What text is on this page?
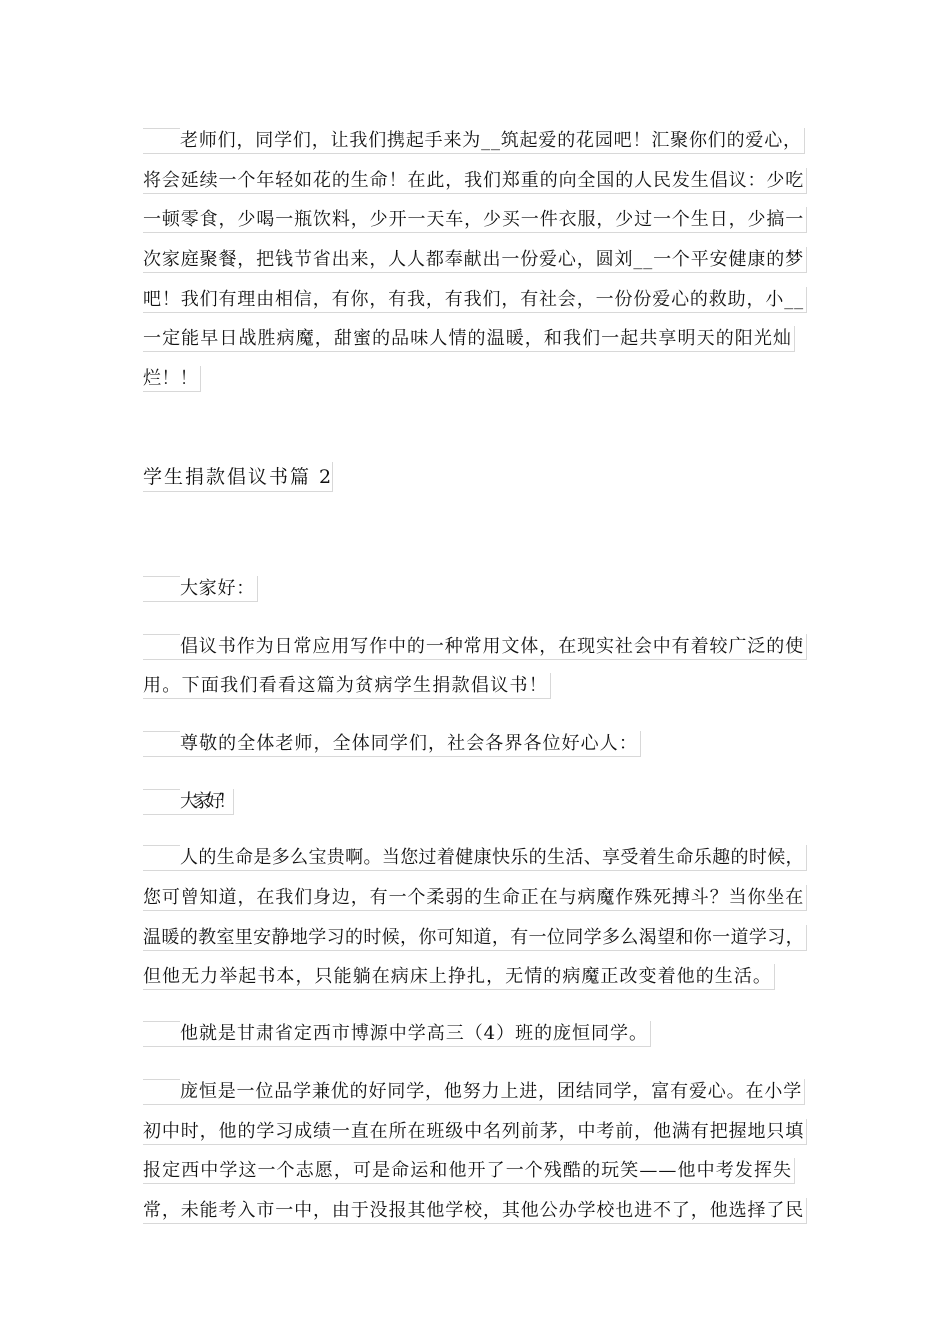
老师们，同学们，让我们携起手来为__筑起爱的花园吧！汇聚你们的爱心，
将会延续一个年轻如花的生命！在此，我们郑重的向全国的人民发生倡议：少吃
一顿零食，少喝一瓶饮料，少开一天车，少买一件衣服，少过一个生日，少搞一
次家庭聚餐，把钱节省出来，人人都奉献出一份爱心，圆刘__一个平安健康的梦
吧！我们有理由相信，有你，有我，有我们，有社会，一份份爱心的救助，小__
一定能早日战胜病魔，甜蜜的品味人情的温暖，和我们一起共享明天的阳光灿
烂！！
学生捐款倡议书篇 2
大家好：
倡议书作为日常应用写作中的一种常用文体，在现实社会中有着较广泛的使
用。下面我们看看这篇为贫病学生捐款倡议书！
尊敬的全体老师，全体同学们，社会各界各位好心人：
大家好！
人的生命是多么宝贵啊。当您过着健康快乐的生活、享受着生命乐趣的时候，
您可曾知道，在我们身边，有一个柔弱的生命正在与病魔作殊死搏斗？当你坐在
温暖的教室里安静地学习的时候，你可知道，有一位同学多么渴望和你一道学习，
但他无力举起书本，只能躺在病床上挣扎，无情的病魔正改变着他的生活。
他就是甘肃省定西市博源中学高三（4）班的庞恒同学。
庞恒是一位品学兼优的好同学，他努力上进，团结同学，富有爱心。在小学
初中时，他的学习成绩一直在所在班级中名列前茅，中考前，他满有把握地只填
报定西中学这一个志愿，可是命运和他开了一个残酷的玩笑——他中考发挥失
常，未能考入市一中，由于没报其他学校，其他公办学校也进不了，他选择了民
